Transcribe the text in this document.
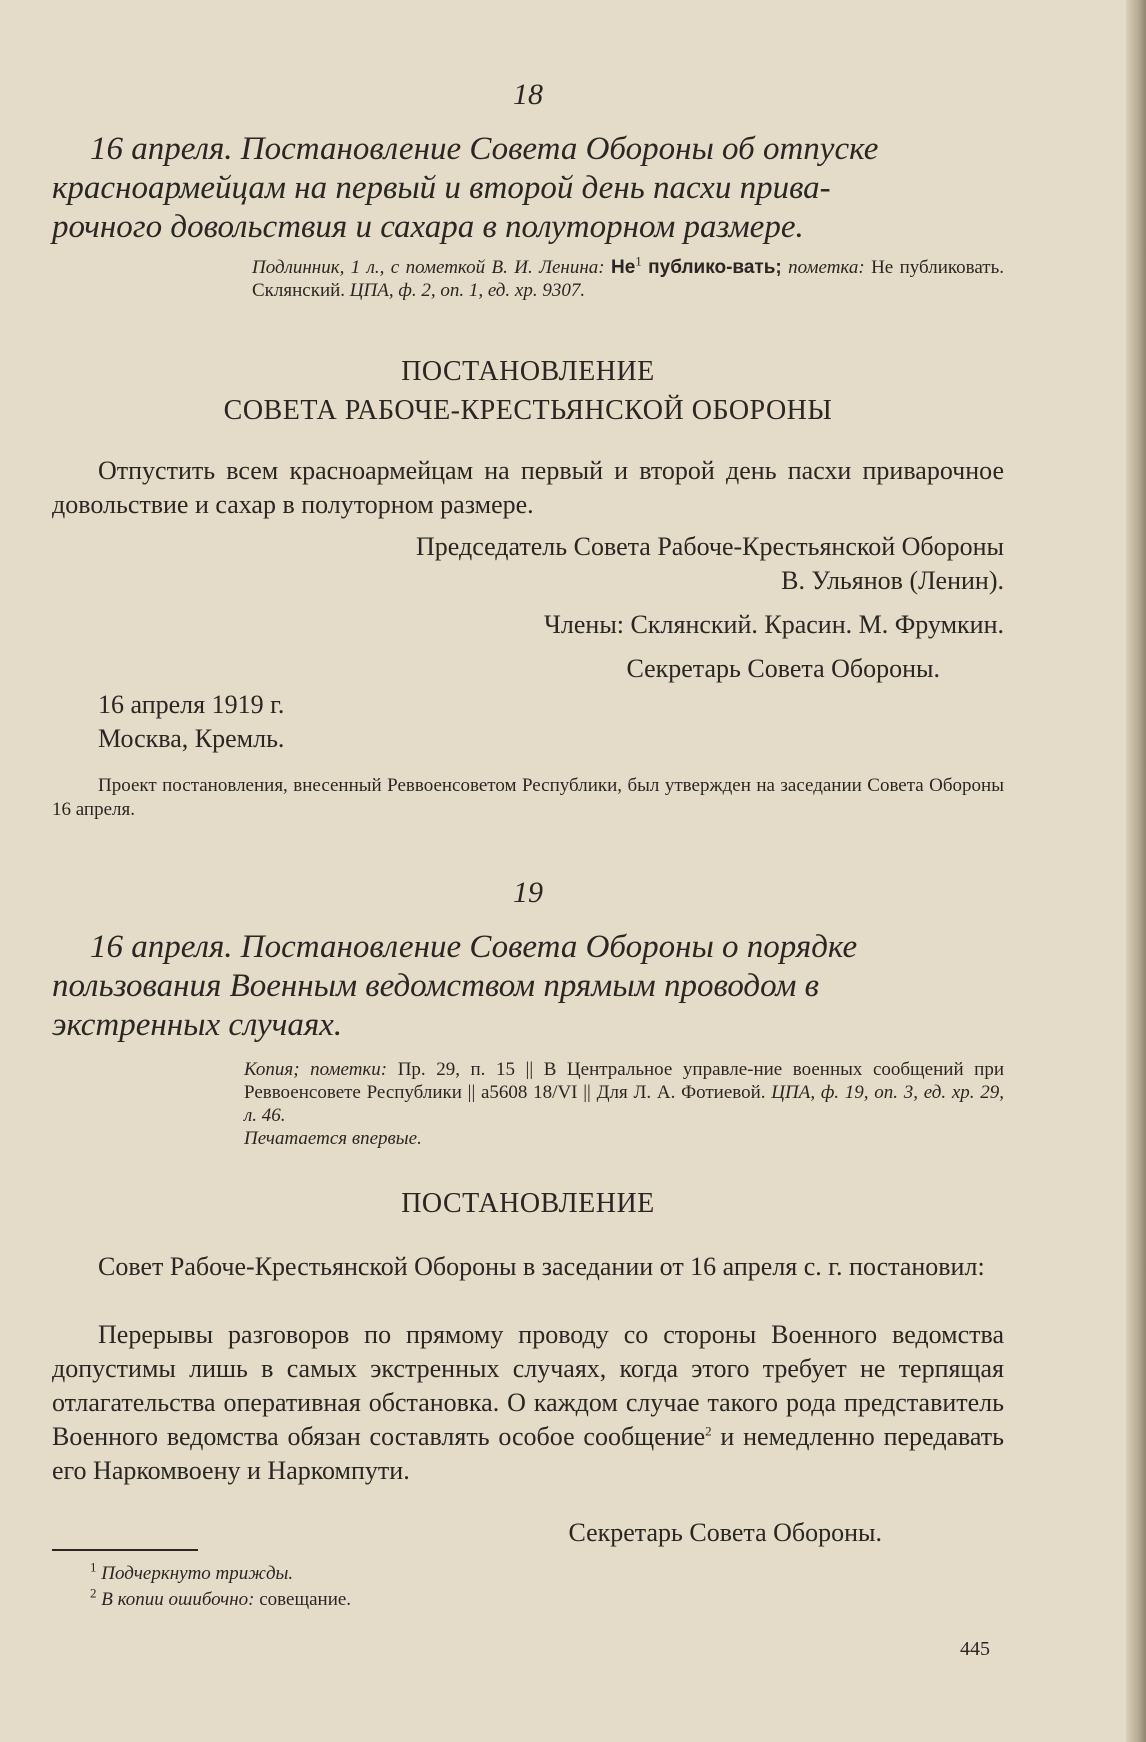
18
16 апреля. Постановление Совета Обороны об отпуске
красноармейцам на первый и второй день пасхи прива-
рочного довольствия и сахара в полуторном размере.
Подлинник, 1 л., с пометкой В. И. Ленина: $Не^1$ публико-вать; пометка: Не публиковать. Склянский. ЦПА, ф. 2, оп. 1, ед. хр. 9307.
ПОСТАНОВЛЕНИЕ
СОВЕТА РАБОЧЕ-КРЕСТЬЯНСКОЙ ОБОРОНЫ
Отпустить всем красноармейцам на первый и второй день пасхи приварочное довольствие и сахар в полуторном размере.
Председатель Совета Рабоче-Крестьянской Обороны
В. Ульянов (Ленин).
Члены: Склянский. Красин. М. Фрумкин.
Секретарь Совета Обороны.
16 апреля 1919 г.
Москва, Кремль.
Проект постановления, внесенный Реввоенсоветом Республики, был утвержден на заседании Совета Обороны 16 апреля.
19
16 апреля. Постановление Совета Обороны о порядке
пользования Военным ведомством прямым проводом в
экстренных случаях.
Копия; пометки: Пр. 29, п. 15 || В Центральное управле-ние военных сообщений при Реввоенсовете Республики || а5608 18/VI || Для Л. А. Фотиевой. ЦПА, ф. 19, оп. 3, ед. хр. 29, л. 46.
Печатается впервые.
ПОСТАНОВЛЕНИЕ
Совет Рабоче-Крестьянской Обороны в заседании от 16 апреля с. г. постановил:
Перерывы разговоров по прямому проводу со стороны Военного ведомства допустимы лишь в самых экстренных случаях, когда этого требует не терпящая отлагательства оперативная обстановка. О каждом случае такого рода представитель Военного ведомства обязан составлять особое сообщение$^2$ и немедленно передавать его Наркомвоену и Наркомпути.
Секретарь Совета Обороны.
$^1$ Подчеркнуто трижды.
$^2$ В копии ошибочно: совещание.
445
